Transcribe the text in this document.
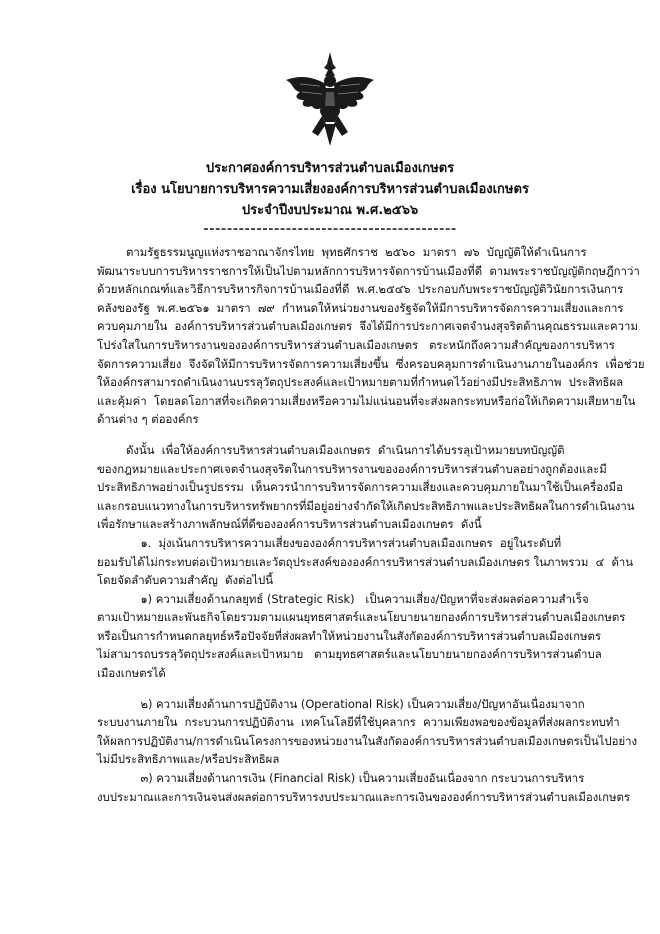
ประกาศองค์การบริหารส่วนตำบลเมืองเกษตร
เรื่อง นโยบายการบริหารความเสี่ยงองค์การบริหารส่วนตำบลเมืองเกษตร
ประจำปีงบประมาณ พ.ศ.๒๕๖๖
-------------------------------------------
ตามรัฐธรรมนูญแห่งราชอาณาจักรไทย  พุทธศักราช  ๒๕๖๐  มาตรา  ๗๖  บัญญัติให้ดำเนินการ
พัฒนาระบบการบริหารราชการให้เป็นไปตามหลักการบริหารจัดการบ้านเมืองที่ดี  ตามพระราชบัญญัติกฤษฎีกาว่า
ด้วยหลักเกณฑ์และวิธีการบริหารกิจการบ้านเมืองที่ดี  พ.ศ.๒๕๔๖  ประกอบกับพระราชบัญญัติวินัยการเงินการ
คลังของรัฐ  พ.ศ.๒๕๖๑  มาตรา  ๗๙  กำหนดให้หน่วยงานของรัฐจัดให้มีการบริหารจัดการความเสี่ยงและการ
ควบคุมภายใน  องค์การบริหารส่วนตำบลเมืองเกษตร  จึงได้มีการประกาศเจตจำนงสุจริตด้านคุณธรรมและความ
โปร่งใสในการบริหารงานขององค์การบริหารส่วนตำบลเมืองเกษตร   ตระหนักถึงความสำคัญของการบริหาร
จัดการความเสี่ยง  จึงจัดให้มีการบริหารจัดการความเสี่ยงขึ้น  ซึ่งครอบคลุมการดำเนินงานภายในองค์กร  เพื่อช่วย
ให้องค์กรสามารถดำเนินงานบรรลุวัตถุประสงค์และเป้าหมายตามที่กำหนดไว้อย่างมีประสิทธิภาพ  ประสิทธิผล
และคุ้มค่า  โดยลดโอกาสที่จะเกิดความเสี่ยงหรือความไม่แน่นอนที่จะส่งผลกระทบหรือก่อให้เกิดความเสียหายใน
ด้านต่าง ๆ ต่อองค์กร
ดังนั้น  เพื่อให้องค์การบริหารส่วนตำบลเมืองเกษตร  ดำเนินการได้บรรลุเป้าหมายบทบัญญัติ
ของกฎหมายและประกาศเจตจำนงสุจริตในการบริหารงานขององค์การบริหารส่วนตำบลอย่างถูกต้องและมี
ประสิทธิภาพอย่างเป็นรูปธรรม  เห็นควรนำการบริหารจัดการความเสี่ยงและควบคุมภายในมาใช้เป็นเครื่องมือ
และกรอบแนวทางในการบริหารทรัพยากรที่มีอยู่อย่างจำกัดให้เกิดประสิทธิภาพและประสิทธิผลในการดำเนินงาน
เพื่อรักษาและสร้างภาพลักษณ์ที่ดีขององค์การบริหารส่วนตำบลเมืองเกษตร  ดังนี้
๑.  มุ่งเน้นการบริหารความเสี่ยงขององค์การบริหารส่วนตำบลเมืองเกษตร  อยู่ในระดับที่
ยอมรับได้ไม่กระทบต่อเป้าหมายและวัตถุประสงค์ขององค์การบริหารส่วนตำบลเมืองเกษตร ในภาพรวม  ๔  ด้าน
โดยจัดลำดับความสำคัญ  ดังต่อไปนี้
๑) ความเสี่ยงด้านกลยุทธ์ (Strategic Risk)   เป็นความเสี่ยง/ปัญหาที่จะส่งผลต่อความสำเร็จ
ตามเป้าหมายและพันธกิจโดยรวมตามแผนยุทธศาสตร์และนโยบายนายกองค์การบริหารส่วนตำบลเมืองเกษตร
หรือเป็นการกำหนดกลยุทธ์หรือปัจจัยที่ส่งผลทำให้หน่วยงานในสังกัดองค์การบริหารส่วนตำบลเมืองเกษตร
ไม่สามารถบรรลุวัตถุประสงค์และเป้าหมาย   ตามยุทธศาสตร์และนโยบายนายกองค์การบริหารส่วนตำบล
เมืองเกษตรได้
๒) ความเสี่ยงด้านการปฏิบัติงาน (Operational Risk) เป็นความเสี่ยง/ปัญหาอันเนื่องมาจาก
ระบบงานภายใน  กระบวนการปฏิบัติงาน  เทคโนโลยีที่ใช้บุคลากร  ความเพียงพอของข้อมูลที่ส่งผลกระทบทำ
ให้ผลการปฏิบัติงาน/การดำเนินโครงการของหน่วยงานในสังกัดองค์การบริหารส่วนตำบลเมืองเกษตรเป็นไปอย่าง
ไม่มีประสิทธิภาพและ/หรือประสิทธิผล
๓) ความเสี่ยงด้านการเงิน (Financial Risk) เป็นความเสี่ยงอันเนื่องจาก กระบวนการบริหาร
งบประมาณและการเงินจนส่งผลต่อการบริหารงบประมาณและการเงินขององค์การบริหารส่วนตำบลเมืองเกษตร
